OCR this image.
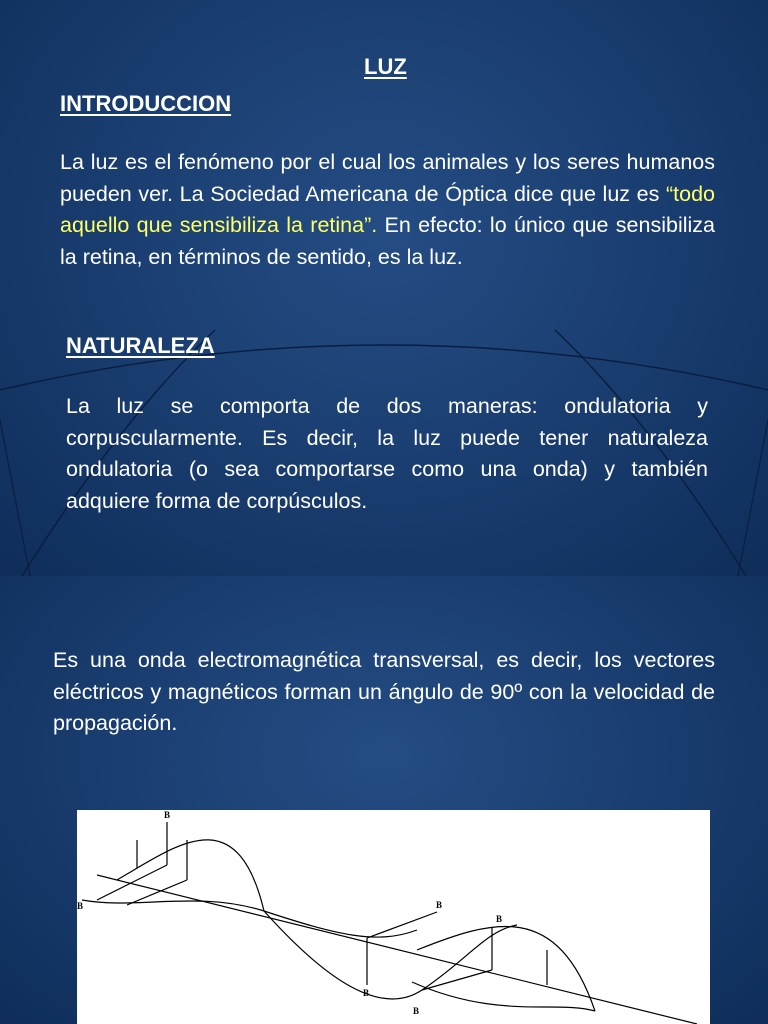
LUZ

INTRODUCCION

La luz es el fenómeno por el cual los animales y los seres humanos pueden ver. La Sociedad Americana de Óptica dice que luz es “todo aquello que sensibiliza la retina”. En efecto: lo único que sensibiliza la retina, en términos de sentido, es la luz.

NATURALEZA

La luz se comporta de dos maneras: ondulatoria y corpuscularmente. Es decir, la luz puede tener naturaleza ondulatoria (o sea comportarse como una onda) y también adquiere forma de corpúsculos.

Es una onda electromagnética transversal, es decir, los vectores eléctricos y magnéticos forman un ángulo de 90º con la velocidad de propagación.

B
B	B
B
B
B
